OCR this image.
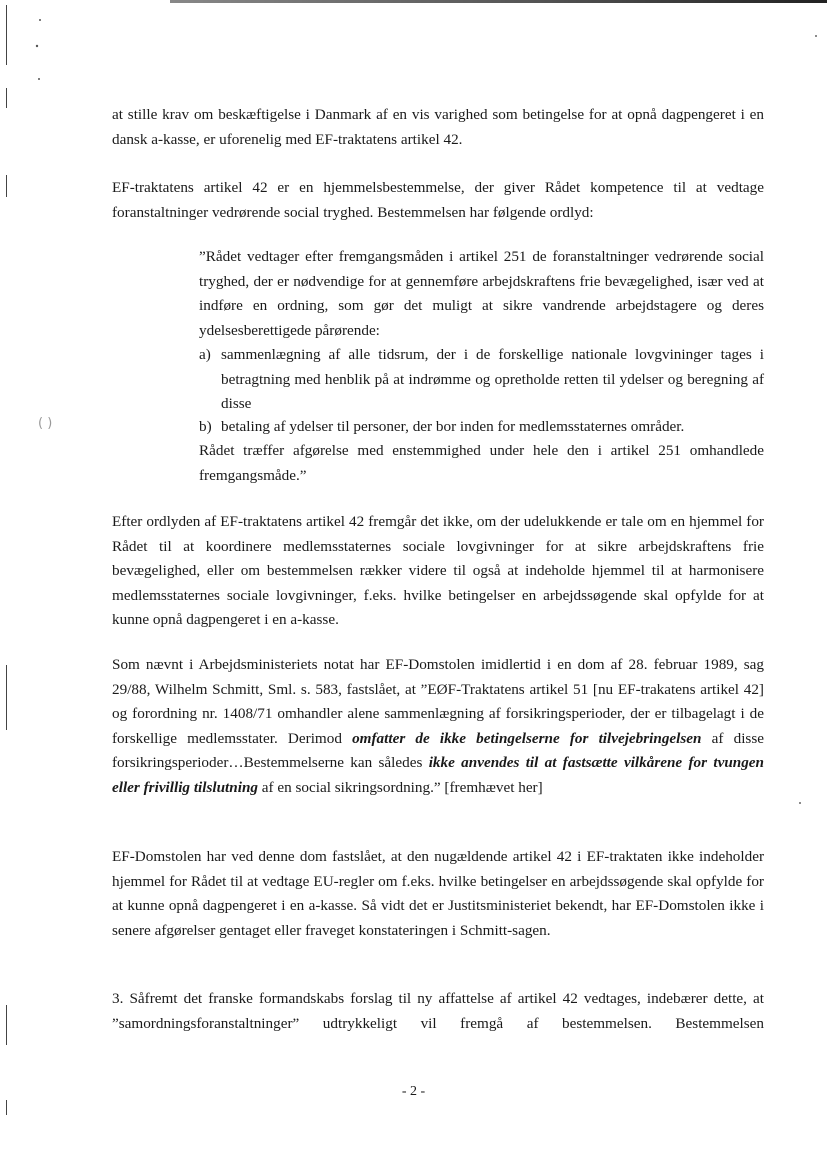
( )

at stille krav om beskæftigelse i Danmark af en vis varighed som betingelse for at opnå dagpengeret i en dansk a-kasse, er uforenelig med EF-traktatens artikel 42.

EF-traktatens artikel 42 er en hjemmelsbestemmelse, der giver Rådet kompetence til at vedtage foranstaltninger vedrørende social tryghed. Bestemmelsen har følgende ordlyd:

”Rådet vedtager efter fremgangsmåden i artikel 251 de foranstaltninger vedrørende social tryghed, der er nødvendige for at gennemføre arbejdskraftens frie bevægelighed, især ved at indføre en ordning, som gør det muligt at sikre vandrende arbejdstagere og deres ydelsesberettigede pårørende:

a) sammenlægning af alle tidsrum, der i de forskellige nationale lovgvininger tages i betragtning med henblik på at indrømme og opretholde retten til ydelser og beregning af disse
b) betaling af ydelser til personer, der bor inden for medlemsstaternes områder.

Rådet træffer afgørelse med enstemmighed under hele den i artikel 251 omhandlede fremgangsmåde.”

Efter ordlyden af EF-traktatens artikel 42 fremgår det ikke, om der udelukkende er tale om en hjemmel for Rådet til at koordinere medlemsstaternes sociale lovgivninger for at sikre arbejdskraftens frie bevægelighed, eller om bestemmelsen rækker videre til også at indeholde hjemmel til at harmonisere medlemsstaternes sociale lovgivninger, f.eks. hvilke betingelser en arbejdssøgende skal opfylde for at kunne opnå dagpengeret i en a-kasse.

Som nævnt i Arbejdsministeriets notat har EF-Domstolen imidlertid i en dom af 28. februar 1989, sag 29/88, Wilhelm Schmitt, Sml. s. 583, fastslået, at ”EØF-Traktatens artikel 51 [nu EF-trakatens artikel 42] og forordning nr. 1408/71 omhandler alene sammenlægning af forsikringsperioder, der er tilbagelagt i de forskellige medlemsstater. Derimod omfatter de ikke betingelserne for tilvejebringelsen af disse forsikringsperioder…Bestemmelserne kan således ikke anvendes til at fastsætte vilkårene for tvungen eller frivillig tilslutning af en social sikringsordning.” [fremhævet her]

EF-Domstolen har ved denne dom fastslået, at den nugældende artikel 42 i EF-traktaten ikke indeholder hjemmel for Rådet til at vedtage EU-regler om f.eks. hvilke betingelser en arbejdssøgende skal opfylde for at kunne opnå dagpengeret i en a-kasse. Så vidt det er Justitsministeriet bekendt, har EF-Domstolen ikke i senere afgørelser gentaget eller fraveget konstateringen i Schmitt-sagen.

3. Såfremt det franske formandskabs forslag til ny affattelse af artikel 42 vedtages, indebærer dette, at ”samordningsforanstaltninger” udtrykkeligt vil fremgå af bestemmelsen. Bestemmelsen

- 2 -
